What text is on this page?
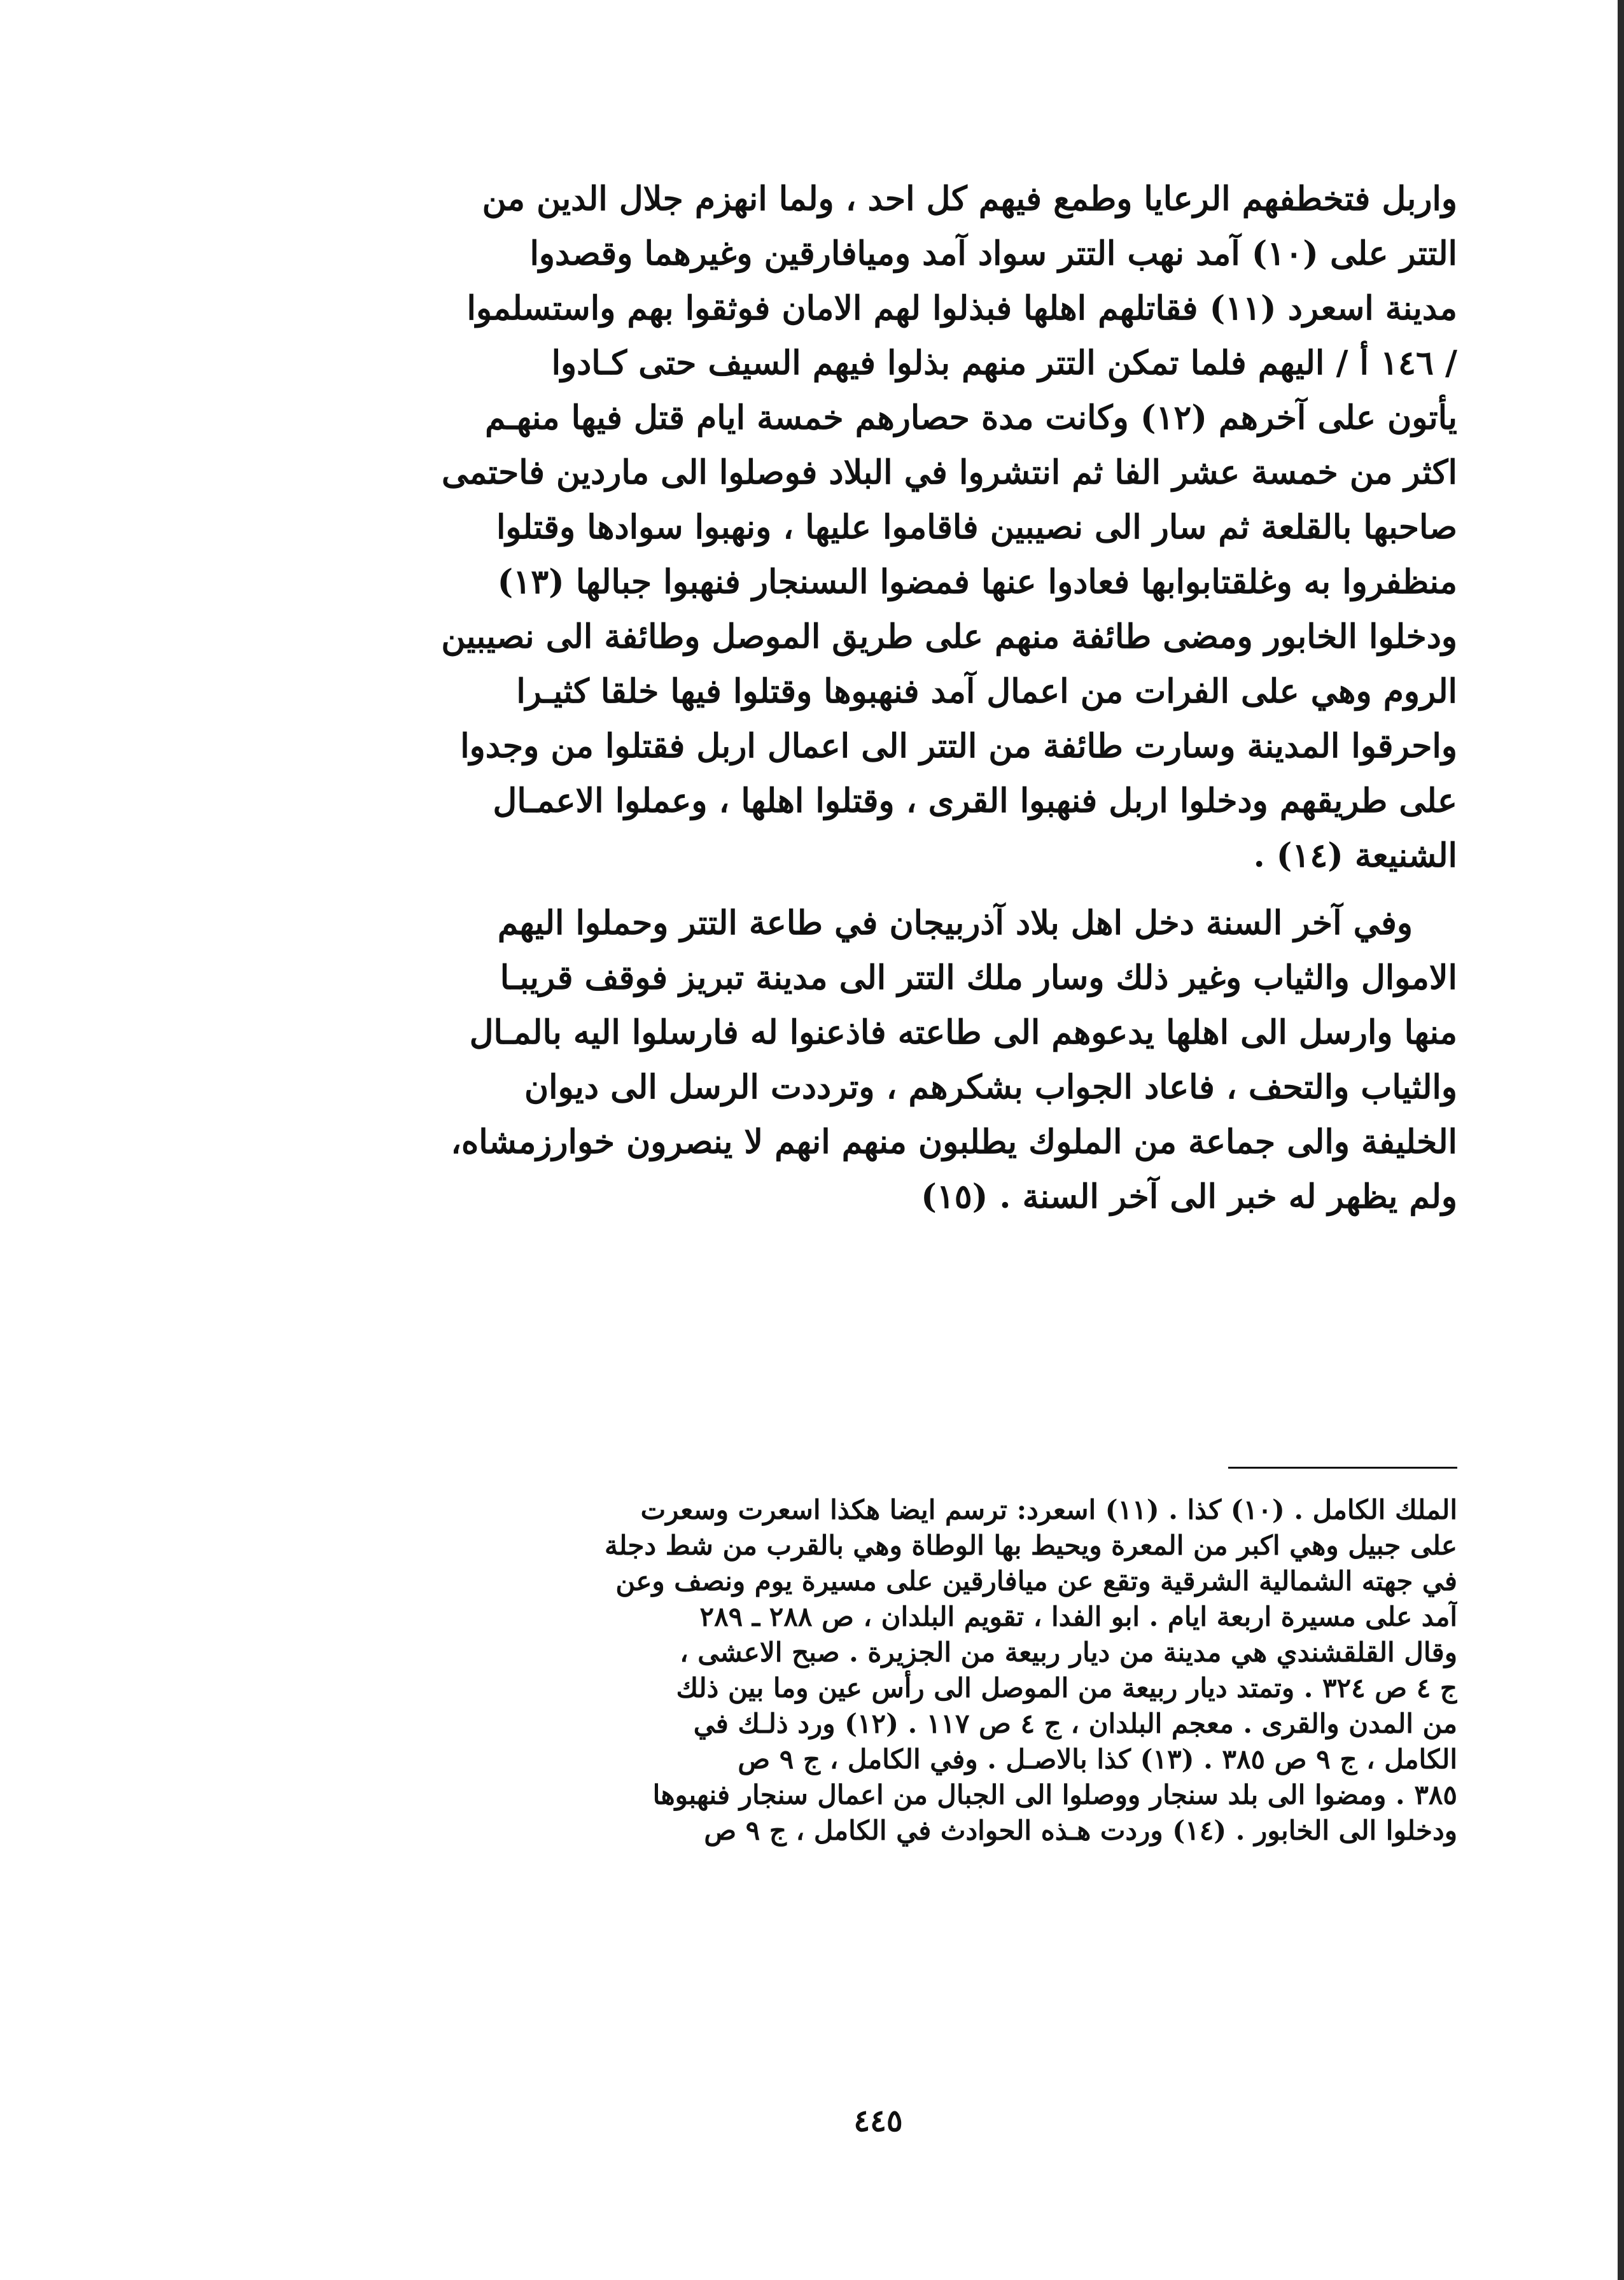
واربل فتخطفهم الرعايا وطمع فيهم كل احد ، ولما انهزم جلال الدين من
التتر على (١٠) آمد نهب التتر سواد آمد ومیافارقین وغیرهما وقصدوا
مدينة اسعرد (١١) فقاتلهم اهلها فبذلوا لهم الامان فوثقوا بهم واستسلموا
/ ١٤٦ أ / اليهم فلما تمكن التتر منهم بذلوا فيهم السيف حتى كـادوا
يأتون على آخرهم (١٢) وكانت مدة حصارهم خمسة ايام قتل فيها منهـم
اكثر من خمسة عشر الفا ثم انتشروا في البلاد فوصلوا الى ماردين فاحتمى
صاحبها بالقلعة ثم سار الى نصيبين فاقاموا عليها ، ونهبوا سوادها وقتلوا
منظفروا به وغلقتابوابها فعادوا عنها فمضوا الىسنجار فنهبوا جبالها (١٣)
ودخلوا الخابور ومضى طائفة منهم على طريق الموصل وطائفة الى نصيبين
الروم وهي على الفرات من اعمال آمد فنهبوها وقتلوا فيها خلقا كثيـرا
واحرقوا المدينة وسارت طائفة من التتر الى اعمال اربل فقتلوا من وجدوا
على طريقهم ودخلوا اربل فنهبوا القرى ، وقتلوا اهلها ، وعملوا الاعمـال
الشنيعة (١٤) .
وفي آخر السنة دخل اهل بلاد آذربيجان في طاعة التتر وحملوا اليهم
الاموال والثياب وغير ذلك وسار ملك التتر الى مدينة تبريز فوقف قريبـا
منها وارسل الى اهلها يدعوهم الى طاعته فاذعنوا له فارسلوا اليه بالمـال
والثياب والتحف ، فاعاد الجواب بشكرهم ، وترددت الرسل الى ديوان
الخليفة والى جماعة من الملوك يطلبون منهم انهم لا ينصرون خوارزمشاه،
ولم يظهر له خبر الى آخر السنة . (١٥)
الملك الكامل . (١٠) كذا . (١١) اسعرد: ترسم ايضا هكذا اسعرت وسعرت
على جبيل وهي اكبر من المعرة ويحيط بها الوطاة وهي بالقرب من شط دجلة
في جهته الشمالية الشرقية وتقع عن ميافارقين على مسيرة يوم ونصف وعن
آمد على مسيرة اربعة ايام . ابو الفدا ، تقويم البلدان ، ص ٢٨٨ ـ ٢٨٩
وقال القلقشندي هي مدينة من ديار ربيعة من الجزيرة . صبح الاعشى ،
ج ٤ ص ٣٢٤ . وتمتد ديار ربيعة من الموصل الى رأس عين وما بين ذلك
من المدن والقرى . معجم البلدان ، ج ٤ ص ١١٧ . (١٢) ورد ذلـك في
الكامل ، ج ٩ ص ٣٨٥ . (١٣) كذا بالاصـل . وفي الكامل ، ج ٩ ص
٣٨٥ . ومضوا الى بلد سنجار ووصلوا الى الجبال من اعمال سنجار فنهبوها
ودخلوا الى الخابور . (١٤) وردت هـذه الحوادث في الكامل ، ج ٩ ص
٤٤٥
